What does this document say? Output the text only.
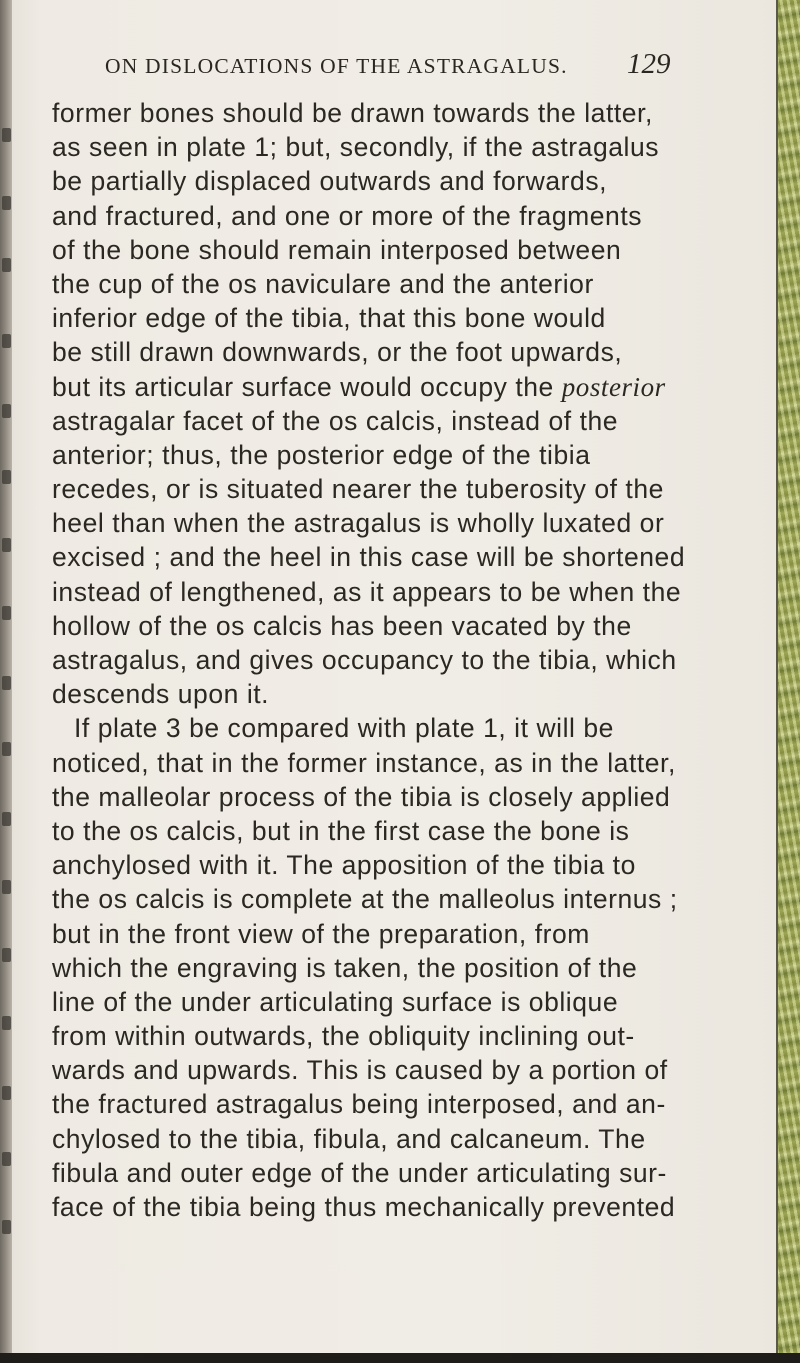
ON DISLOCATIONS OF THE ASTRAGALUS. 129
former bones should be drawn towards the latter,
as seen in plate 1; but, secondly, if the astragalus
be partially displaced outwards and forwards,
and fractured, and one or more of the fragments
of the bone should remain interposed between
the cup of the os naviculare and the anterior
inferior edge of the tibia, that this bone would
be still drawn downwards, or the foot upwards,
but its articular surface would occupy the posterior
astragalar facet of the os calcis, instead of the
anterior; thus, the posterior edge of the tibia
recedes, or is situated nearer the tuberosity of the
heel than when the astragalus is wholly luxated or
excised ; and the heel in this case will be shortened
instead of lengthened, as it appears to be when the
hollow of the os calcis has been vacated by the
astragalus, and gives occupancy to the tibia, which
descends upon it.
If plate 3 be compared with plate 1, it will be
noticed, that in the former instance, as in the latter,
the malleolar process of the tibia is closely applied
to the os calcis, but in the first case the bone is
anchylosed with it. The apposition of the tibia to
the os calcis is complete at the malleolus internus ;
but in the front view of the preparation, from
which the engraving is taken, the position of the
line of the under articulating surface is oblique
from within outwards, the obliquity inclining out-
wards and upwards. This is caused by a portion of
the fractured astragalus being interposed, and an-
chylosed to the tibia, fibula, and calcaneum. The
fibula and outer edge of the under articulating sur-
face of the tibia being thus mechanically prevented
